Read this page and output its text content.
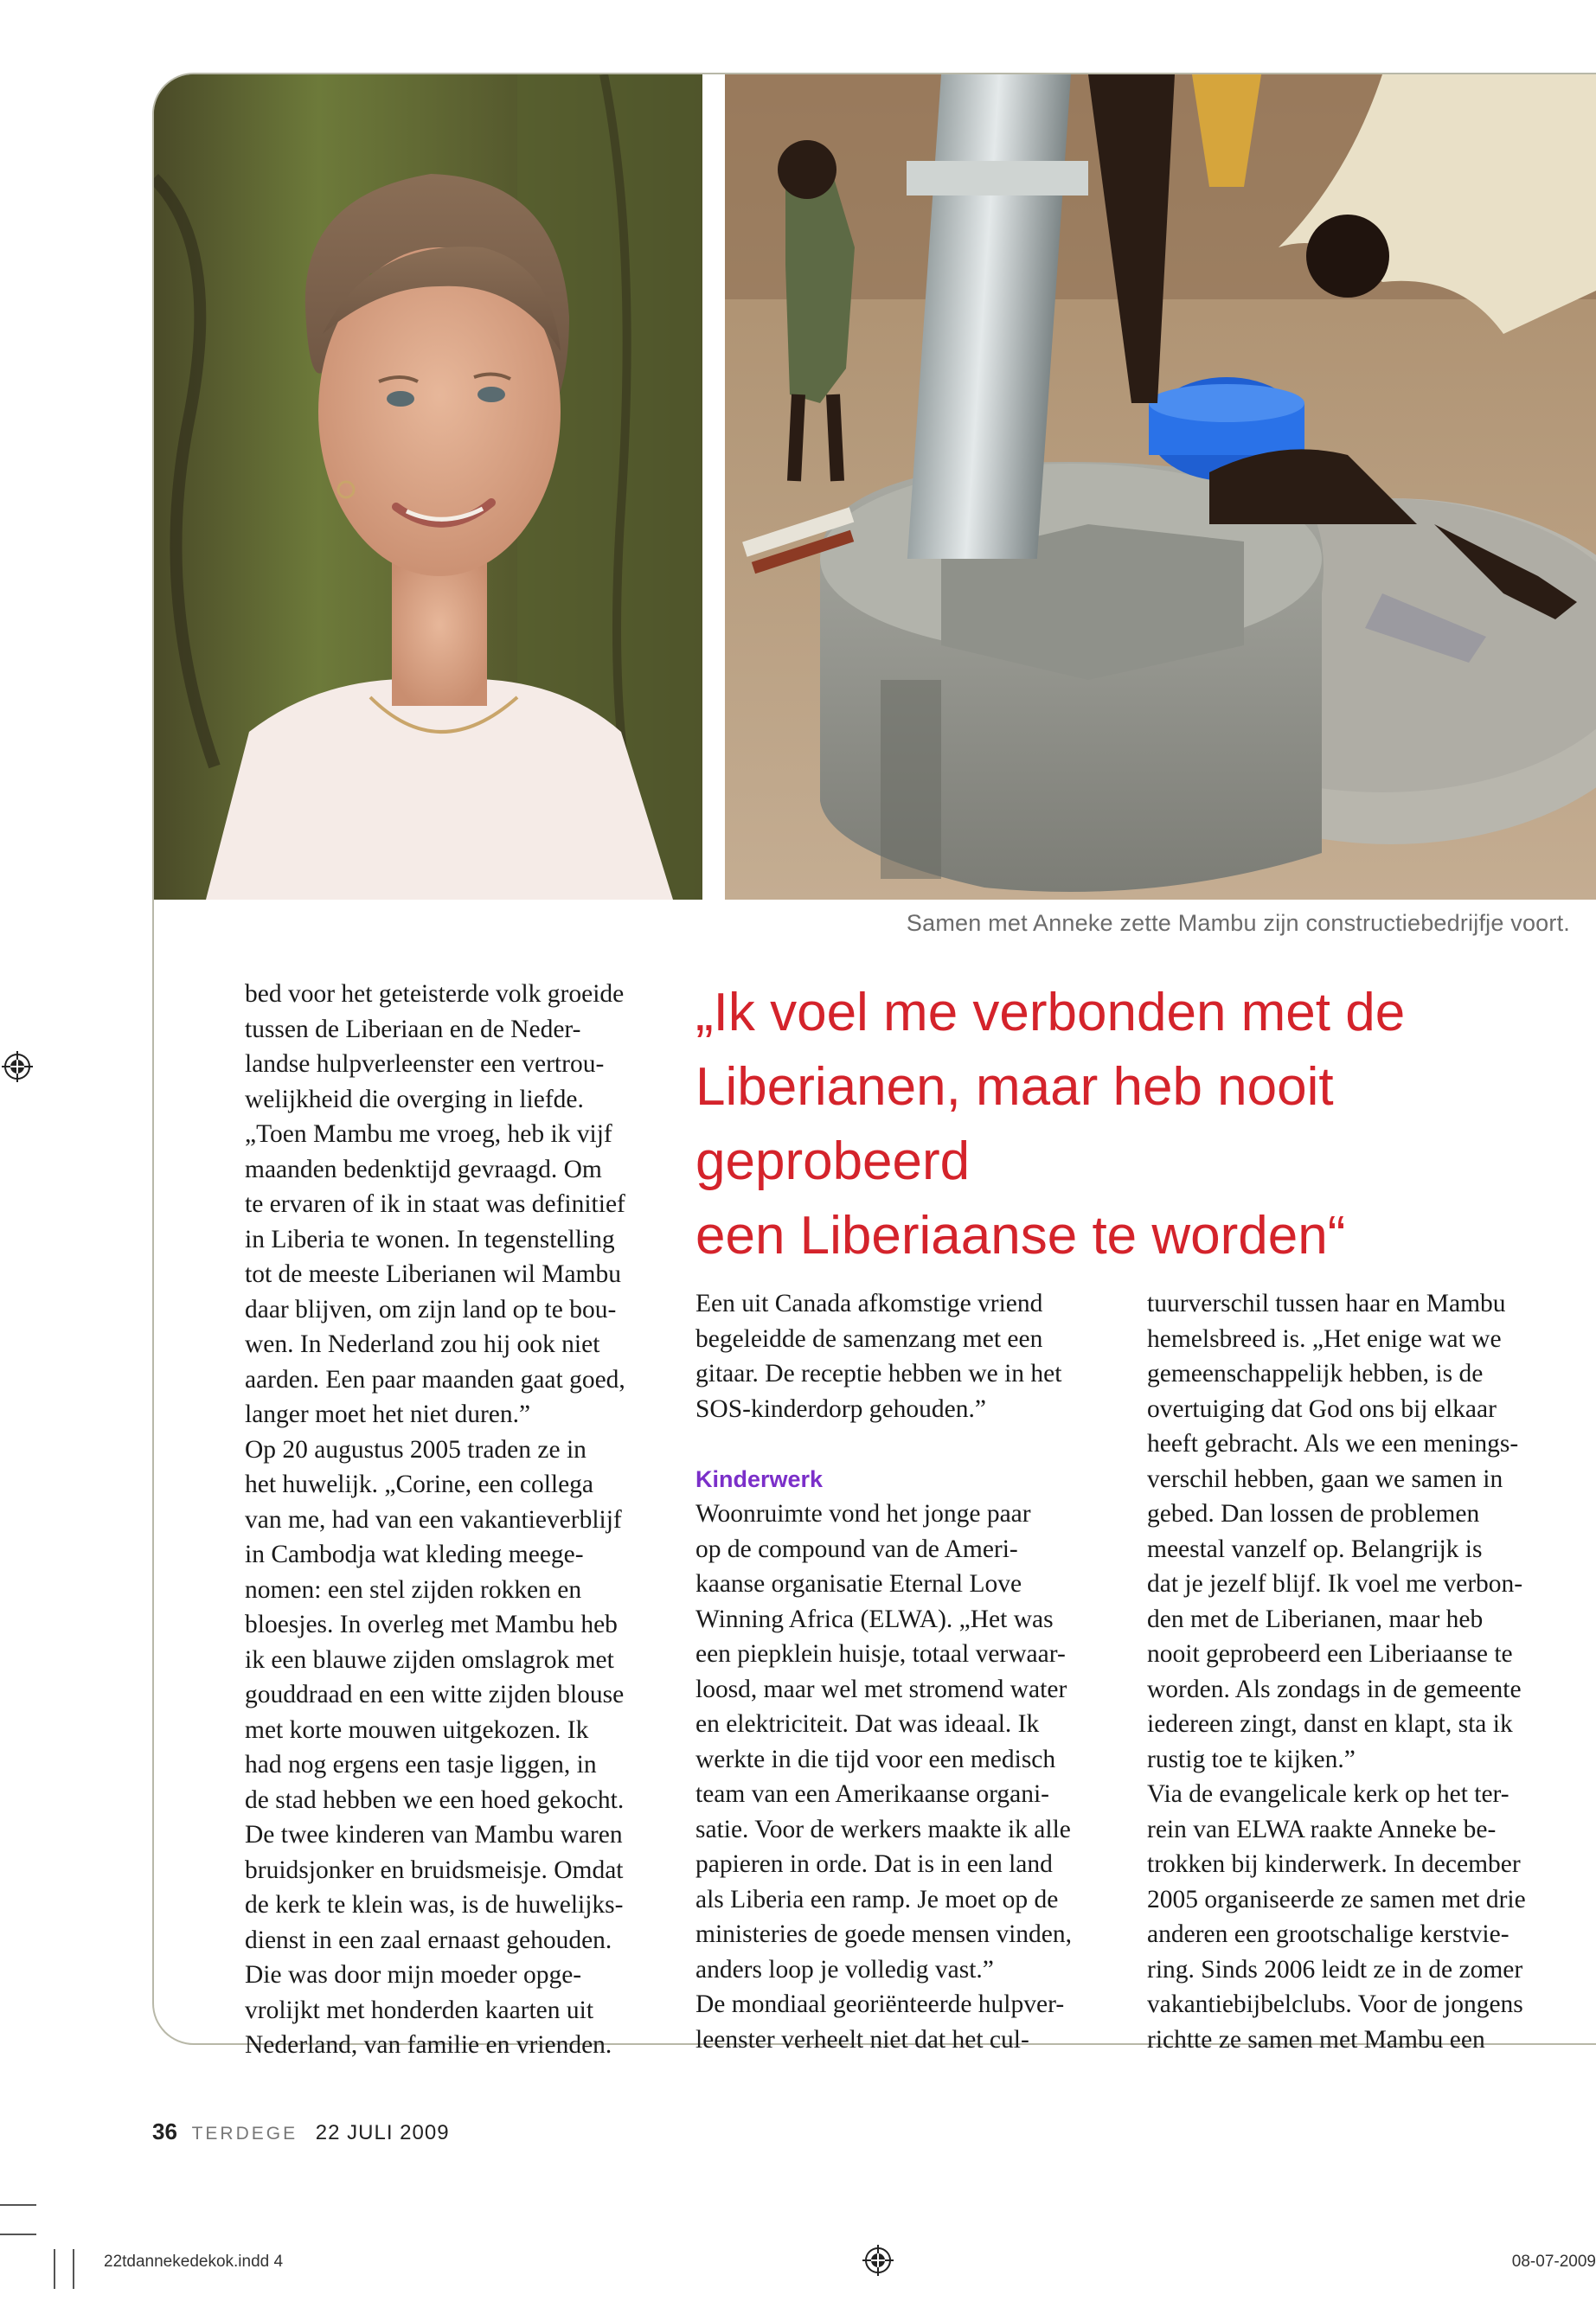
Samen met Anneke zette Mambu zijn constructiebedrijfje voort.
„Ik voel me verbonden met de
Liberianen, maar heb nooit geprobeerd
een Liberiaanse te worden“
bed voor het geteisterde volk groeide
tussen de Liberiaan en de Neder-
landse hulpverleenster een vertrou-
welijkheid die overging in liefde.
„Toen Mambu me vroeg, heb ik vijf
maanden bedenktijd gevraagd. Om
te ervaren of ik in staat was definitief
in Liberia te wonen. In tegenstelling
tot de meeste Liberianen wil Mambu
daar blijven, om zijn land op te bou-
wen. In Nederland zou hij ook niet
aarden. Een paar maanden gaat goed,
langer moet het niet duren.”
Op 20 augustus 2005 traden ze in
het huwelijk. „Corine, een collega
van me, had van een vakantieverblijf
in Cambodja wat kleding meege-
nomen: een stel zijden rokken en
bloesjes. In overleg met Mambu heb
ik een blauwe zijden omslagrok met
gouddraad en een witte zijden blouse
met korte mouwen uitgekozen. Ik
had nog ergens een tasje liggen, in
de stad hebben we een hoed gekocht.
De twee kinderen van Mambu waren
bruidsjonker en bruidsmeisje. Omdat
de kerk te klein was, is de huwelijks-
dienst in een zaal ernaast gehouden.
Die was door mijn moeder opge-
vrolijkt met honderden kaarten uit
Nederland, van familie en vrienden.
Een uit Canada afkomstige vriend
begeleidde de samenzang met een
gitaar. De receptie hebben we in het
SOS-kinderdorp gehouden.”
Kinderwerk
Woonruimte vond het jonge paar
op de compound van de Ameri-
kaanse organisatie Eternal Love
Winning Africa (ELWA). „Het was
een piepklein huisje, totaal verwaar-
loosd, maar wel met stromend water
en elektriciteit. Dat was ideaal. Ik
werkte in die tijd voor een medisch
team van een Amerikaanse organi-
satie. Voor de werkers maakte ik alle
papieren in orde. Dat is in een land
als Liberia een ramp. Je moet op de
ministeries de goede mensen vinden,
anders loop je volledig vast.”
De mondiaal georiënteerde hulpver-
leenster verheelt niet dat het cul-
tuurverschil tussen haar en Mambu
hemelsbreed is. „Het enige wat we
gemeenschappelijk hebben, is de
overtuiging dat God ons bij elkaar
heeft gebracht. Als we een menings-
verschil hebben, gaan we samen in
gebed. Dan lossen de problemen
meestal vanzelf op. Belangrijk is
dat je jezelf blijf. Ik voel me verbon-
den met de Liberianen, maar heb
nooit geprobeerd een Liberiaanse te
worden. Als zondags in de gemeente
iedereen zingt, danst en klapt, sta ik
rustig toe te kijken.”
Via de evangelicale kerk op het ter-
rein van ELWA raakte Anneke be-
trokken bij kinderwerk. In december
2005 organiseerde ze samen met drie
anderen een grootschalige kerstvie-
ring. Sinds 2006 leidt ze in de zomer
vakantiebijbelclubs. Voor de jongens
richtte ze samen met Mambu een
36 TERDEGE 22 JULI 2009
22tdannekedekok.indd 4	08-07-2009
